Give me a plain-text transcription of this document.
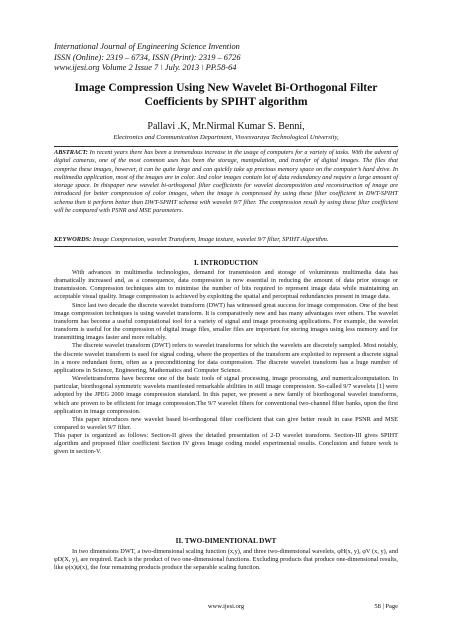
International Journal of Engineering Science Invention
ISSN (Online): 2319 – 6734, ISSN (Print): 2319 – 6726
www.ijesi.org Volume 2 Issue 7 \ July. 2013 \ PP.58-64
Image Compression Using New Wavelet Bi-Orthogonal Filter Coefficients by SPIHT algorithm
Pallavi .K, Mr.Nirmal Kumar S. Benni,
Electronics and Communication Department, Visvesvaraya Technological University,
ABSTRACT: In recent years there has been a tremendous increase in the usage of computers for a variety of tasks. With the advent of digital cameras, one of the most common uses has been the storage, manipulation, and transfer of digital images. The files that comprise these images, however, it can be quite large and can quickly take up precious memory space on the computer’s hard drive. In multimedia application, most of the images are in color. And color images contain lot of data redundancy and require a large amount of storage space. In thispaper new wavelet bi-orthogonal filter coefficients for wavelet decomposition and reconstruction of image are introduced for better compression of color images, when the image is compressed by using these filter coefficient in DWT-SPIHT schema then it perform better than DWT-SPIHT schema with wavelet 9/7 filter. The compression result by using these filter coefficient will be compared with PSNR and MSE parameters.
KEYWORDS: Image Compression, wavelet Transform, Image texture, wavelet 9/7 filter, SPIHT Algorithm.
I. INTRODUCTION

With advances in multimedia technologies, demand for transmission and storage of voluminous multimedia data has dramatically increased and, as a consequence, data compression is now essential in reducing the amount of data prior storage or transmission. Compression techniques aim to minimise the number of bits required to represent image data while maintaining an acceptable visual quality. Image compression is achieved by exploiting the spatial and perceptual redundancies present in image data.

Since last two decade the discrete wavelet transform (DWT) has witnessed great success for image compression. One of the best image compression techniques is using wavelet transform. It is comparatively new and has many advantages over others. The wavelet transform has become a useful computational tool for a variety of signal and image processing applications. For example, the wavelet transform is useful for the compression of digital image files, smaller files are important for storing images using less memory and for transmitting images faster and more reliably.

The discrete wavelet transform (DWT) refers to wavelet transforms for which the wavelets are discretely sampled. Most notably, the discrete wavelet transform is used for signal coding, where the properties of the transform are exploited to represent a discrete signal in a more redundant form, often as a preconditioning for data compression. The discrete wavelet transform has a huge number of applications in Science, Engineering, Mathematics and Computer Science.

Wavelettransforms have become one of the basic tools of signal processing, image processing, and numericalcomputation. In particular, biorthogonal symmetric wavelets manifested remarkable abilities in still image compression. So-called 9/7 wavelets [1] were adopted by the JPEG 2000 image compression standard. In this paper, we present a new family of biorthogonal wavelet transforms, which are proven to be efficient for image compression.The 9/7 wavelet filters for conventional two-channel filter banks, upon the first application in image compression.

This paper introduces new wavelet based bi-orthogonal filter coefficient that can give better result in case PSNR and MSE compared to wavelet 9/7 filter.

This paper is organized as follows: Section-II gives the detailed presentation of 2-D wavelet transform. Section-III gives SPIHT algorithm and proposed filter coefficient Section IV gives Image coding model experimental results. Conclusion and future work is given in section-V.

II. TWO-DIMENTIONAL DWT

In two dimensions DWT, a two-dimensional scaling function (x,y), and three two-dimensional wavelets, φH(x, y), φV (x, y), and φD(X, y), are required. Each is the product of two one-dimensional functions. Excluding products that produce one-dimensional results, like φ(x)ψ(x), the four remaining products produce the separable scaling function.

www.ijesi.org	58 | Page
